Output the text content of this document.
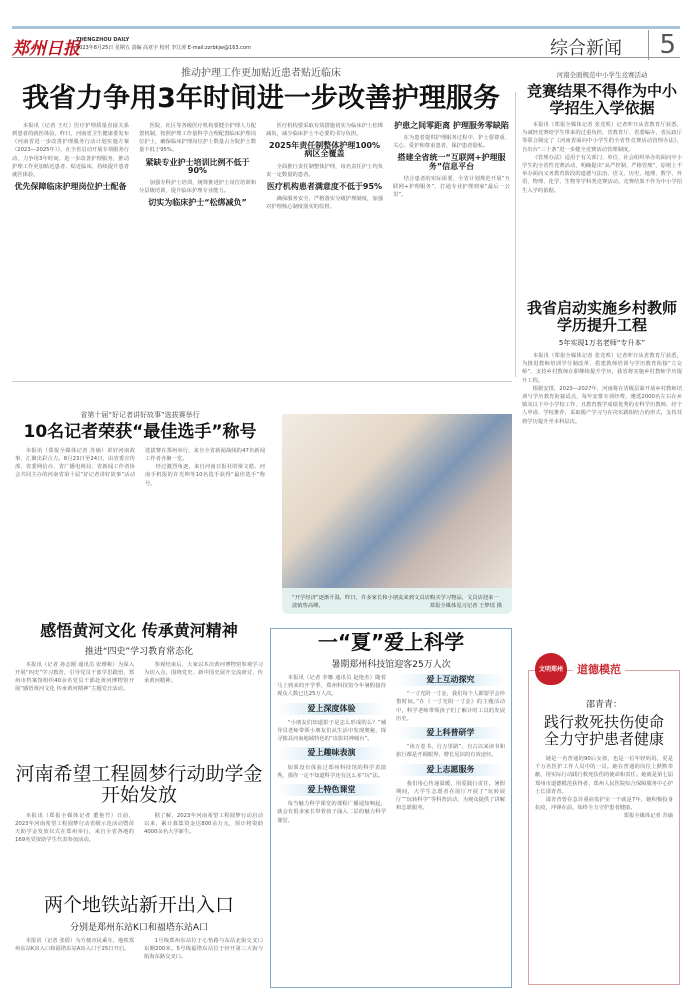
郑州日报
ZHENGZHOU DAILY
2023年8月25日 星期五 责编 高亚宇 校对 李江涛 E-mail:zzrbkjw@163.com	综合新闻	5
推动护理工作更加贴近患者贴近临床
我省力争用3年时间进一步改善护理服务

本报讯（记者 王红）医疗护理质量直接关系到患者的就医体验。昨日，河南省卫生健康委发布《河南省进一步改善护理服务行动计划实施方案（2023—2025年）》，在全省启动开展专项服务行动，力争用3年时间，进一步改善护理服务，推动护理工作更加贴近患者、贴近临床，持续提升患者就医体验。

优先保障临床护理岗位护士配备

医院、社区等各级医疗机构要健全护理人力配置机制，按照护理工作量科学合理配置临床护理岗位护士，确保临床护理岗位护士数量占全院护士数量不低于95%。

紧缺专业护士培训比例不低于90%

加强专科护士培训，统筹推进护士岗位培训和分层级培训，提升临床护理专业能力。

切实为临床护士“松绑减负”

医疗机构要采取有效措施切实为临床护士松绑减负，减少临床护士不必要的书写负担。

2025年责任制整体护理100%病区全覆盖

全面推行责任制整体护理，每名责任护士均负责一定数量的患者。

医疗机构患者满意度不低于95%

确保服务安全，严格落实分级护理制度，加强对护理核心制度落实的监督。

护患之间零距离 护理服务零缺陷

在为患者提供护理服务过程中，护士要尊重、关心、爱护和尊重患者，保护患者隐私。

搭建全省统一“互联网+护理服务”信息平台

结合患者的实际需要，全省计划规范开展“互联网+护理服务”，打通专业护理到家“最后一公里”。

河南全面规范中小学生竞赛活动
竞赛结果不得作为中小学招生入学依据

本报讯（郑报全媒体记者 张竞昳）记者昨日从省教育厅获悉，为减轻竞赛给学生带来的过重负担，省教育厅、省委编办、省民政厅等联合制定了《河南省面向中小学生的全省性竞赛活动管理办法》，自出台“三十条”进一步健全竞赛活动管理制度。

《管理办法》适用于有关部门、单位、社会组织举办的面向中小学生的全省性竞赛活动，明确提出“从严控制、严格管理”，原则上不举办面向义务教育阶段的道德与法治、语文、历史、地理、数学、外语、物理、化学、生物等学科类竞赛活动。竞赛结果不作为中小学招生入学的依据。

我省启动实施乡村教师学历提升工程
5年实现1万名老师“专升本”

本报讯（郑报全媒体记者 张竞昳）记者昨日从省教育厅获悉，为推进教师培训学分制改革，搭建教师培训与学历教育衔接“立交桥”，支持乡村教师在职继续提升学历，我省将实施乡村教师学历提升工程。

根据安排，2023—2027年，河南将在省级层面开展乡村教师培训与学历教育衔接试点，每年安排专项经费，遴选2000名左右在乡镇及以下中小学校工作、且教育教学成绩优秀的专科学历教师，经个人申请、学校推荐，采取脱产学习与在岗实践相结合的形式，支持其将学历提升至本科层次。

省第十届“好记者讲好故事”选拔赛举行
10名记者荣获“最佳选手”称号

本报讯（郑报全媒体记者 苏瑜）讲好河南故事，汇聚出彩合力。8月23日至24日，由省委宣传部、省委网信办、省广播电视局、省新闻工作者协会共同主办的河南省第十届“好记者讲好故事”活动选拔赛在郑州举行，来自全省新闻战线的47名新闻工作者齐聚一堂。

经过激烈角逐，来自河南日报社的梁文皓、河南手机报的许光坤等10名选手获得“最佳选手”称号。

“开学经济”逐渐升温，昨日，许多家长和小朋友来到文具店购买学习物品，文具店迎来一波销售高峰。	郑报全媒体见习记者 王梦瑶 摄
感悟黄河文化 传承黄河精神
推进“四史”学习教育常态化

本报讯（记者 孙志刚 通讯员 张维彬）为深入开展“四史”学习教育，引导党员干部学思践悟，郑州市档案馆组织40余名党员干部赴黄河博物馆开展“感悟黄河文化 传承黄河精神”主题党日活动。

参观结束后，大家以本次黄河博物馆参观学习为切入点，围绕党史、新中国史展开交流研讨，传承黄河精神。

河南希望工程圆梦行动助学金开始发放

本报讯（郑报全媒体记者 董艳竹）日前，2023年河南希望工程圆梦行动省级示范活动暨苗天助学金发放仪式在郑州举行，来自全省各地的169名受资助学生代表参加活动。

据了解，2023年河南希望工程圆梦行动启动以来，累计募集资金达800余万元，预计将资助4000余名大学新生。

两个地铁站新开出入口
分别是郑州东站K口和福塔东站A口

本报讯（记者 张倩）为方便市民乘车，地铁郑州东站K出入口和福塔东站A出入口于25日开启。

1号线郑州东站位于心怡路与东站北街交叉口东侧200米。5号线福塔东站位于经开第三大街与航海东路交叉口。

一“夏”爱上科学
暑期郑州科技馆迎客25万人次

本报讯（记者 李娜 通讯员 赵艳杰）随着马上到来的开学季，郑州科技馆今年暑假接待观众人数已达25万人次。

爱上深度体验

“小朋友们知道影子是怎么形成的么？”辅导员老师带领小朋友们从生活中发现奥秘，探寻独具河南地域特色的“皮影封神城台”。

爱上趣味表演

如果没有体验过郑州科技馆的科学表演秀，那你一定不知道科学还有这么多“玩”法。

爱上特色课堂

每当魅力科学课堂的课程广播通知响起，就会有很多家长带着孩子涌入二层的魅力科学课堂。

爱上互动探究

“一寸光阴一寸金，我们每个人都要学会珍惜时间。”在《一寸光阴一寸金》的主题活动中，科学老师带领孩子们了解计时工具的发展历史。

爱上科普研学

“读万卷书，行万里路”，自古以来读书和旅行都是开阔眼界、增长见识的有效途径。

爱上志愿服务

我们用心传递温暖，用爱践行责任。暑假期间，大学生志愿者在展厅开展了“玩转展厅”“玩转科学”等科普活动，为观众提供了讲解和志愿服务。

文明郑州	道德模范
邵青青：
践行救死扶伤使命 全力守护患者健康

她是一名普通的90后女孩，也是一位年轻妈妈，更是千万名医护工作人员中的一员。她在普通的岗位上默默奉献，用实际行动践行救死扶伤的使命和责任。她就是第七届郑州市道德模范获得者、郑州人民医院综合保障服务中心护士长邵青青。

邵青青曾在急诊重症监护室一干就是7年，她积极投身抗疫，冲锋在前，始终全力守护患者健康。

郑报全媒体记者 苏瑜
